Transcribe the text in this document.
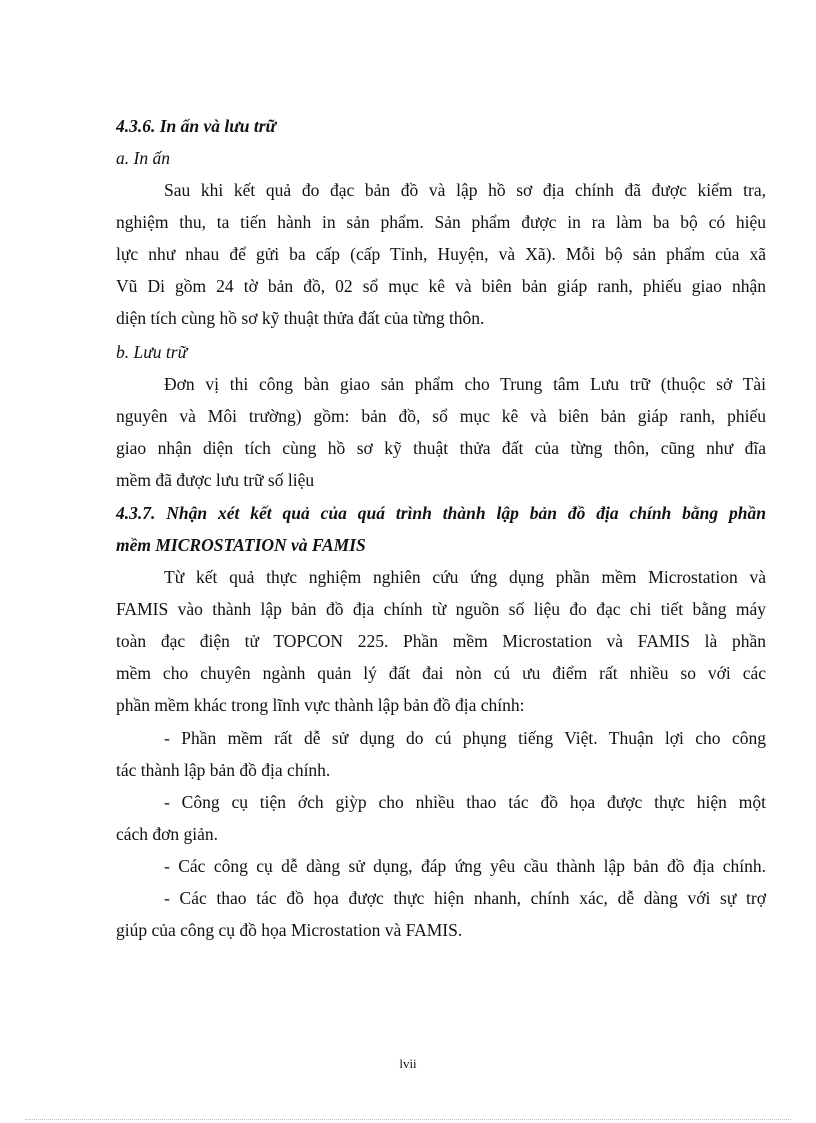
4.3.6. In ấn và lưu trữ
a. In ấn
Sau khi kết quả đo đạc bản đồ và lập hồ sơ địa chính đã được kiểm tra,
nghiệm thu, ta tiến hành in sản phẩm. Sản phẩm được in ra làm ba bộ có hiệu
lực như nhau để gửi ba cấp (cấp Tỉnh, Huyện, và Xã). Mỗi bộ sản phẩm của xã
Vũ Di gồm 24 tờ bản đồ, 02 sổ mục kê và biên bản giáp ranh, phiếu giao nhận
diện tích cùng hồ sơ kỹ thuật thửa đất của từng thôn.
b. Lưu trữ
Đơn vị thi công bàn giao sản phẩm cho Trung tâm Lưu trữ (thuộc sở Tài
nguyên và Môi trường) gồm: bản đồ, sổ mục kê và biên bản giáp ranh, phiếu
giao nhận diện tích cùng hồ sơ kỹ thuật thửa đất của từng thôn, cũng như đĩa
mềm đã được lưu trữ số liệu
4.3.7. Nhận xét kết quả của quá trình thành lập bản đồ địa chính bằng phần
mềm MICROSTATION và FAMIS
Từ kết quả thực nghiệm nghiên cứu ứng dụng phần mềm Microstation và
FAMIS vào thành lập bản đồ địa chính từ nguồn số liệu đo đạc chi tiết bằng máy
toàn đạc điện tử TOPCON 225. Phần mềm Microstation và FAMIS là phần
mềm cho chuyên ngành quản lý đất đai nòn cú ưu điểm rất nhiều so với các
phần mềm khác trong lĩnh vực thành lập bản đồ địa chính:
- Phần mềm rất dễ sử dụng do cú phụng tiếng Việt. Thuận lợi cho công
tác thành lập bản đồ địa chính.
- Công cụ tiện ớch giỳp cho nhiều thao tác đồ họa được thực hiện một
cách đơn giản.
- Các công cụ dễ dàng sử dụng, đáp ứng yêu cầu thành lập bản đồ địa chính.
- Các thao tác đồ họa được thực hiện nhanh, chính xác, dễ dàng với sự trợ
giúp của công cụ đồ họa Microstation và FAMIS.
lvii
